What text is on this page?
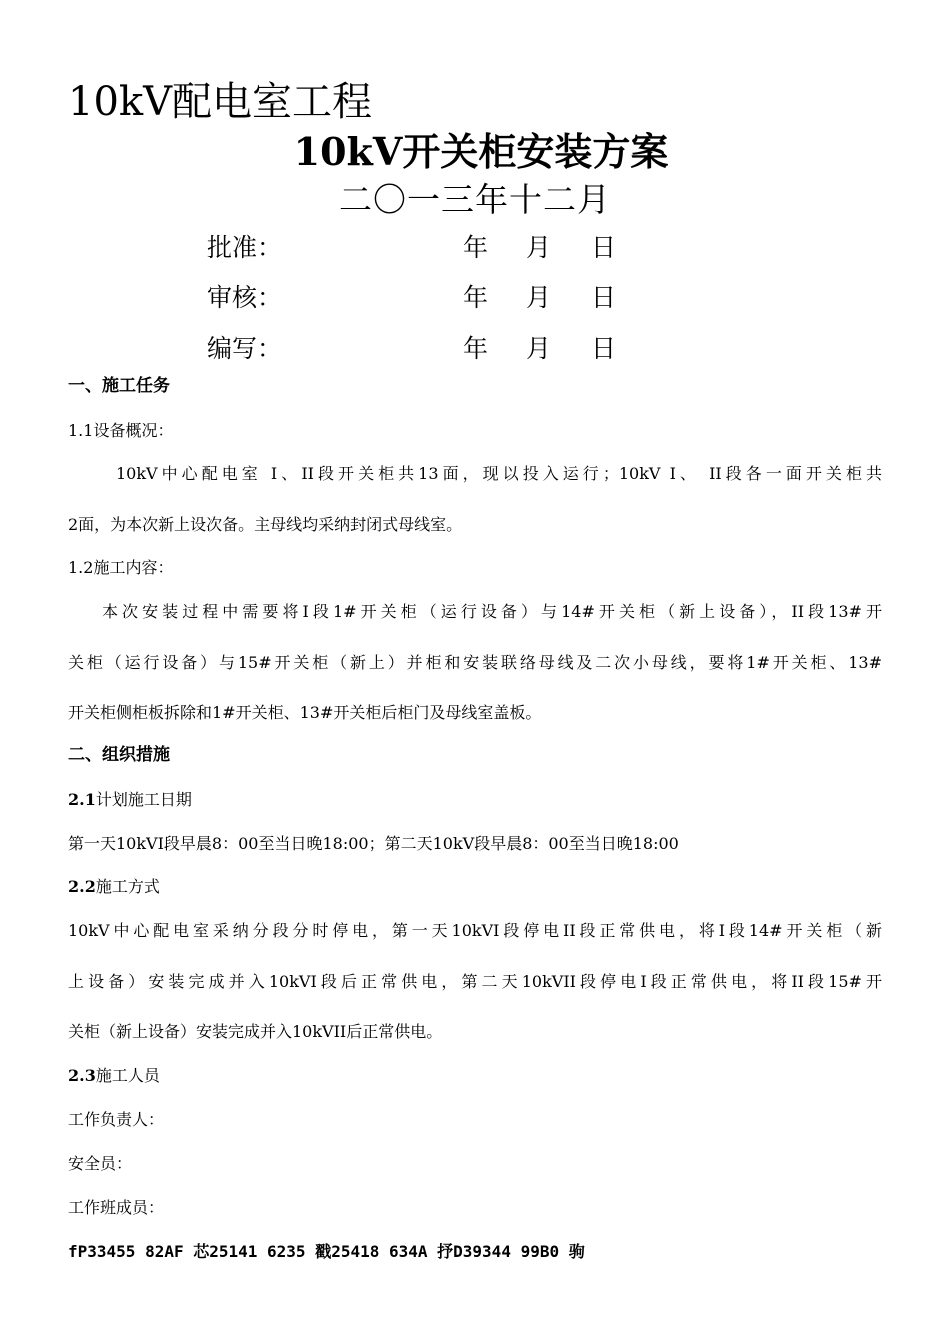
10kV配电室工程
10kV开关柜安装方案
二〇一三年十二月
批准：	年 月 日
审核：	年 月 日
编写：	年 月 日
一、施工任务
1.1设备概况：
10kV中心配电室 I、II段开关柜共13面，现以投入运行；10kV I、 II段各一面开关柜共
2面，为本次新上设次备。主母线均采纳封闭式母线室。
1.2施工内容：
本次安装过程中需要将I段1#开关柜（运行设备）与14#开关柜（新上设备），II段13#开
关柜（运行设备）与15#开关柜（新上）并柜和安装联络母线及二次小母线，要将1#开关柜、13#
开关柜侧柜板拆除和1#开关柜、13#开关柜后柜门及母线室盖板。
二、组织措施
2.1计划施工日期
第一天10kVI段早晨8：00至当日晚18:00；第二天10kV段早晨8：00至当日晚18:00
2.2施工方式
10kV中心配电室采纳分段分时停电，第一天10kVI段停电II段正常供电，将I段14#开关柜（新
上设备）安装完成并入10kVI段后正常供电，第二天10kVII段停电I段正常供电，将II段15#开
关柜（新上设备）安装完成并入10kVII后正常供电。
2.3施工人员
工作负责人：
安全员：
工作班成员：
fP33455 82AF 芯25141 6235 戳25418 634A 抒D39344 99B0 驹
